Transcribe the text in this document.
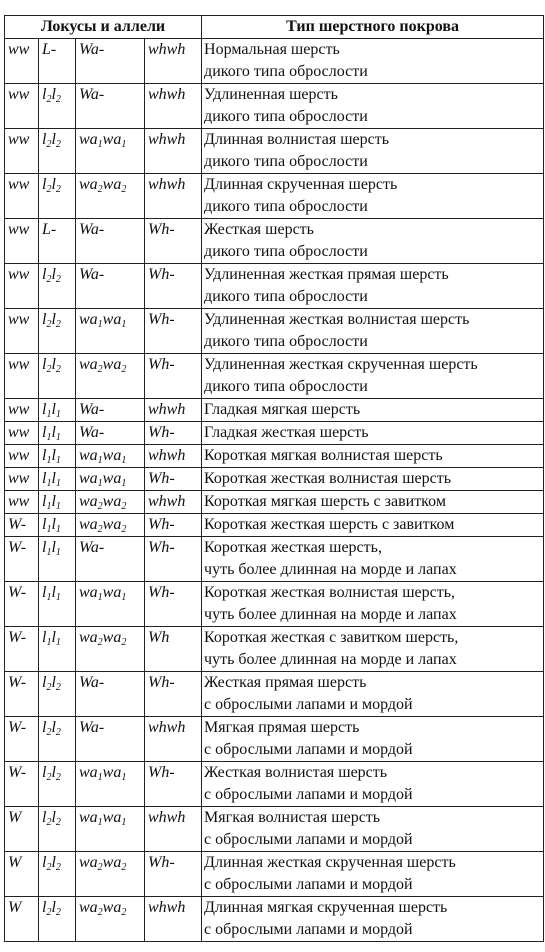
Локусы и аллели				Тип шерстного покрова
ww	L-	Wa-	whwh	Нормальная шерсть
дикого типа оброслости

ww	$l_2l_2$	Wa-	whwh	Удлиненная шерсть
дикого типа оброслости

ww	$l_2l_2$	$wa_1wa_1$	whwh	Длинная волнистая шерсть
дикого типа оброслости

ww	$l_2l_2$	$wa_2wa_2$	whwh	Длинная скрученная шерсть
дикого типа оброслости

ww	L-	Wa-	Wh-	Жесткая шерсть
дикого типа оброслости

ww	$l_2l_2$	Wa-	Wh-	Удлиненная жесткая прямая шерсть
дикого типа оброслости

ww	$l_2l_2$	$wa_1wa_1$	Wh-	Удлиненная жесткая волнистая шерсть
дикого типа оброслости

ww	$l_2l_2$	$wa_2wa_2$	Wh-	Удлиненная жесткая скрученная шерсть
дикого типа оброслости

ww	$l_1l_1$	Wa-	whwh	Гладкая мягкая шерсть

ww	$l_1l_1$	Wa-	Wh-	Гладкая жесткая шерсть

ww	$l_1l_1$	$wa_1wa_1$	whwh	Короткая мягкая волнистая шерсть

ww	$l_1l_1$	$wa_1wa_1$	Wh-	Короткая жесткая волнистая шерсть

ww	$l_1l_1$	$wa_2wa_2$	whwh	Короткая мягкая шерсть с завитком

W-	$l_1l_1$	$wa_2wa_2$	Wh-	Короткая жесткая шерсть с завитком

W-	$l_1l_1$	Wa-	Wh-	Короткая жесткая шерсть,
чуть более длинная на морде и лапах

W-	$l_1l_1$	$wa_1wa_1$	Wh-	Короткая жесткая волнистая шерсть,
чуть более длинная на морде и лапах

W-	$l_1l_1$	$wa_2wa_2$	Wh	Короткая жесткая с завитком шерсть,
чуть более длинная на морде и лапах

W-	$l_2l_2$	Wa-	Wh-	Жесткая прямая шерсть
с оброслыми лапами и мордой

W-	$l_2l_2$	Wa-	whwh	Мягкая прямая шерсть
с оброслыми лапами и мордой

W-	$l_2l_2$	$wa_1wa_1$	Wh-	Жесткая волнистая шерсть
с оброслыми лапами и мордой

W	$l_2l_2$	$wa_1wa_1$	whwh	Мягкая волнистая шерсть
с оброслыми лапами и мордой

W	$l_2l_2$	$wa_2wa_2$	Wh-	Длинная жесткая скрученная шерсть
с оброслыми лапами и мордой

W	$l_2l_2$	$wa_2wa_2$	whwh	Длинная мягкая скрученная шерсть
с оброслыми лапами и мордой
